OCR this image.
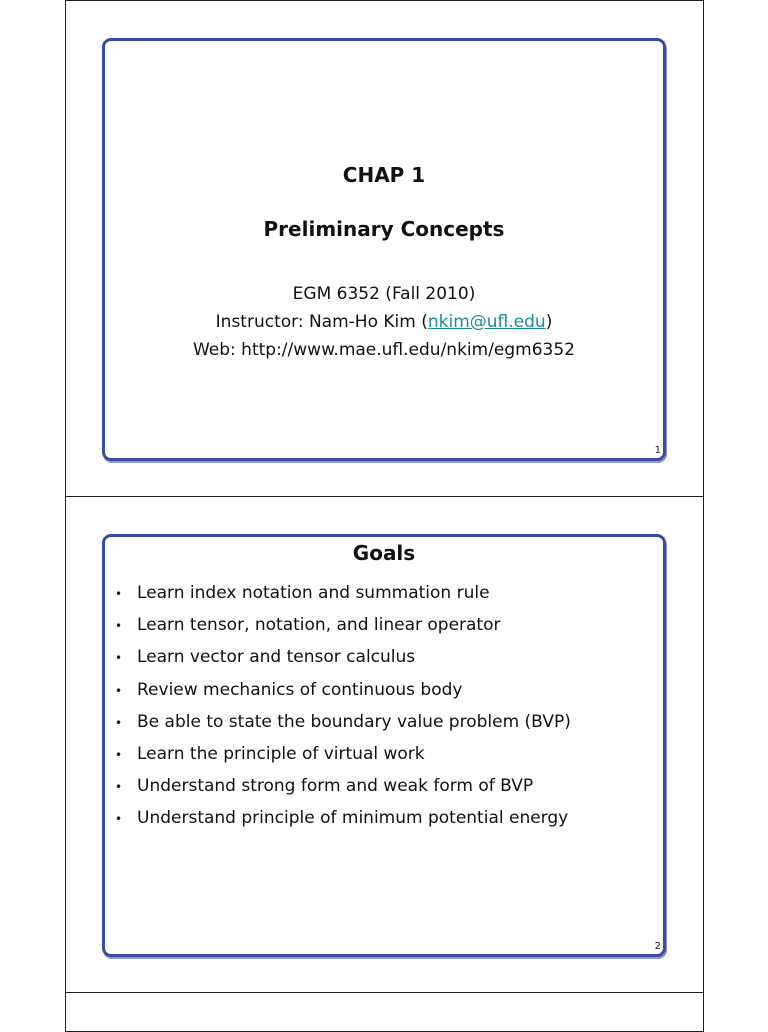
CHAP 1
Preliminary Concepts
EGM 6352 (Fall 2010)
Instructor: Nam-Ho Kim (nkim@ufl.edu)
Web: http://www.mae.ufl.edu/nkim/egm6352
1
Goals
• Learn index notation and summation rule
• Learn tensor, notation, and linear operator
• Learn vector and tensor calculus
• Review mechanics of continuous body
• Be able to state the boundary value problem (BVP)
• Learn the principle of virtual work
• Understand strong form and weak form of BVP
• Understand principle of minimum potential energy
2
